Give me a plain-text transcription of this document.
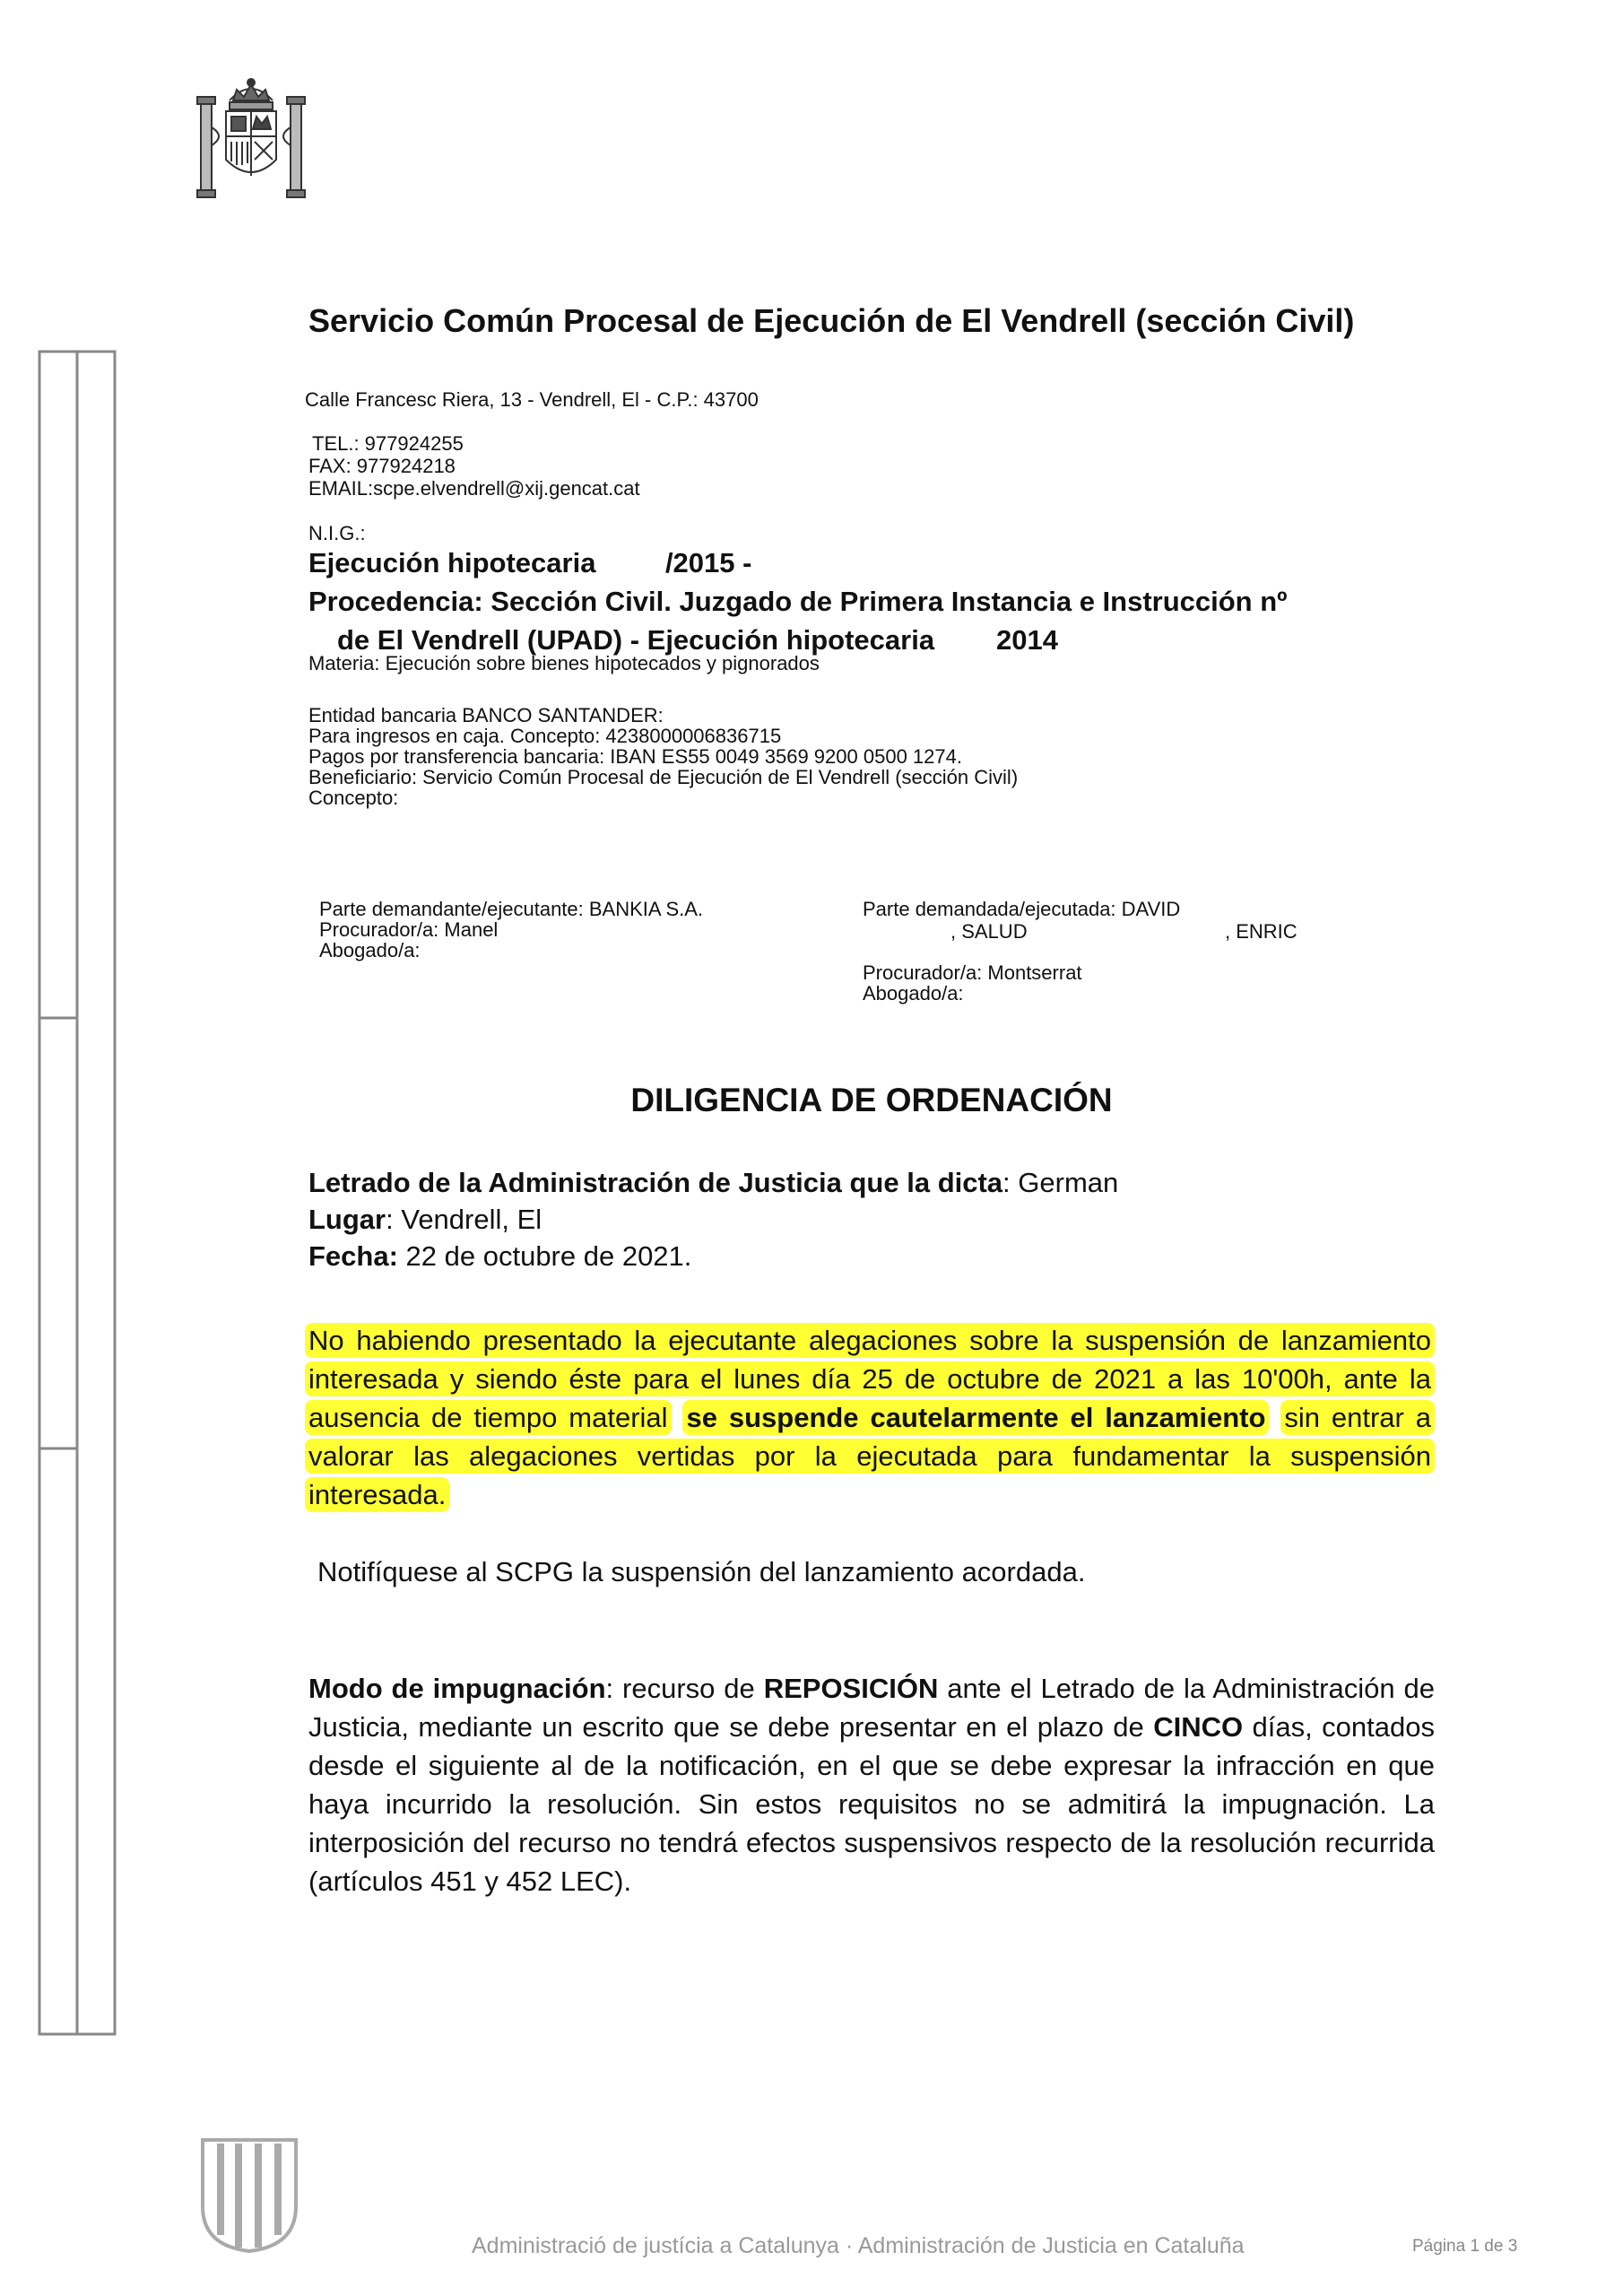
Servicio Común Procesal de Ejecución de El Vendrell (sección Civil)
Calle Francesc Riera, 13 - Vendrell, El - C.P.: 43700
TEL.: 977924255
FAX: 977924218
EMAIL:scpe.elvendrell@xij.gencat.cat
N.I.G.:
Ejecución hipotecaria         /2015 -
Procedencia: Sección Civil. Juzgado de Primera Instancia e Instrucción nº
de El Vendrell (UPAD) - Ejecución hipotecaria        2014
Materia: Ejecución sobre bienes hipotecados y pignorados
Entidad bancaria BANCO SANTANDER:
Para ingresos en caja. Concepto: 4238000006836715
Pagos por transferencia bancaria: IBAN ES55 0049 3569 9200 0500 1274.
Beneficiario: Servicio Común Procesal de Ejecución de El Vendrell (sección Civil)
Concepto:
Parte demandante/ejecutante: BANKIA S.A.
Procurador/a: Manel
Abogado/a:
Parte demandada/ejecutada: DAVID
, SALUD	, ENRIC
Procurador/a: Montserrat
Abogado/a:
DILIGENCIA DE ORDENACIÓN
Letrado de la Administración de Justicia que la dicta: German
Lugar: Vendrell, El
Fecha: 22 de octubre de 2021.
No habiendo presentado la ejecutante alegaciones sobre la suspensión de lanzamiento interesada y siendo éste para el lunes día 25 de octubre de 2021 a las 10'00h, ante la ausencia de tiempo material se suspende cautelarmente el lanzamiento sin entrar a valorar las alegaciones vertidas por la ejecutada para fundamentar la suspensión interesada.
Notifíquese al SCPG la suspensión del lanzamiento acordada.
Modo de impugnación: recurso de REPOSICIÓN ante el Letrado de la Administración de Justicia, mediante un escrito que se debe presentar en el plazo de CINCO días, contados desde el siguiente al de la notificación, en el que se debe expresar la infracción en que haya incurrido la resolución. Sin estos requisitos no se admitirá la impugnación. La interposición del recurso no tendrá efectos suspensivos respecto de la resolución recurrida (artículos 451 y 452 LEC).
Administració de justícia a Catalunya · Administración de Justicia en Cataluña	Página 1 de 3
